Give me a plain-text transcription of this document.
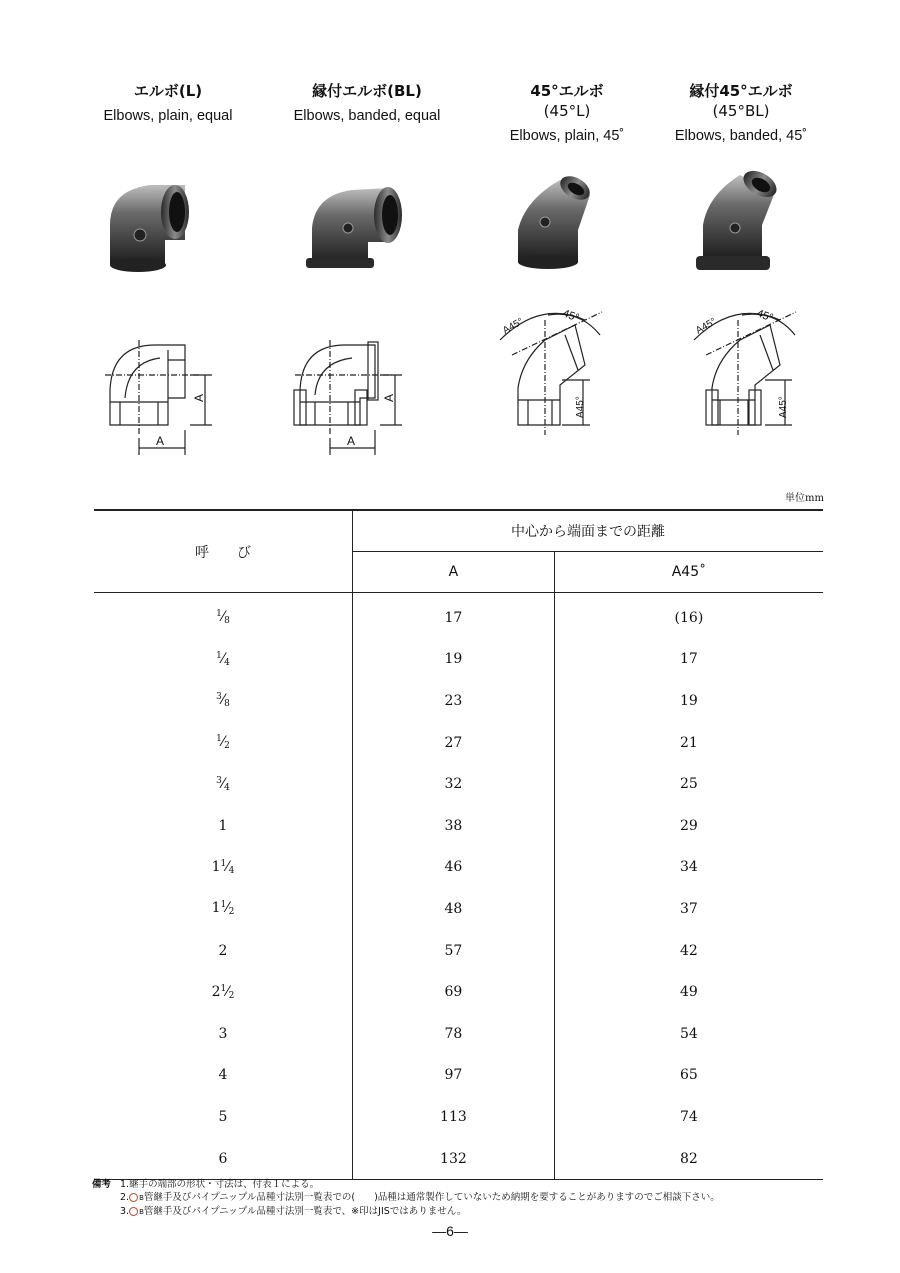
エルボ(L)
Elbows, plain, equal
縁付エルボ(BL)
Elbows, banded, equal
45°エルボ
(45°L)
Elbows, plain, 45˚
縁付45°エルボ
(45°BL)
Elbows, banded, 45˚
A
A
A
A
A45°
45°
A45°
A45°
45°
A45°
単位mm
呼　　び	中心から端面までの距離	
	A	A45˚
$^1⁄_8$	17	(16)
$^1⁄_4$	19	17
$^3⁄_8$	23	19
$^1⁄_2$	27	21
$^3⁄_4$	32	25
1	38	29
$1^1⁄_4$	46	34
$1^1⁄_2$	48	37
2	57	42
$2^1⁄_2$	69	49
3	78	54
4	97	65
5	113	74
6	132	82
備考 1.継手の端部の形状・寸法は、付表１による。
2. B管継手及びパイプニップル品種寸法別一覧表での(　　)品種は通常製作していないため納期を要することがありますのでご相談下さい。
3. B管継手及びパイプニップル品種寸法別一覧表で、※印はJISではありません。
—6—
